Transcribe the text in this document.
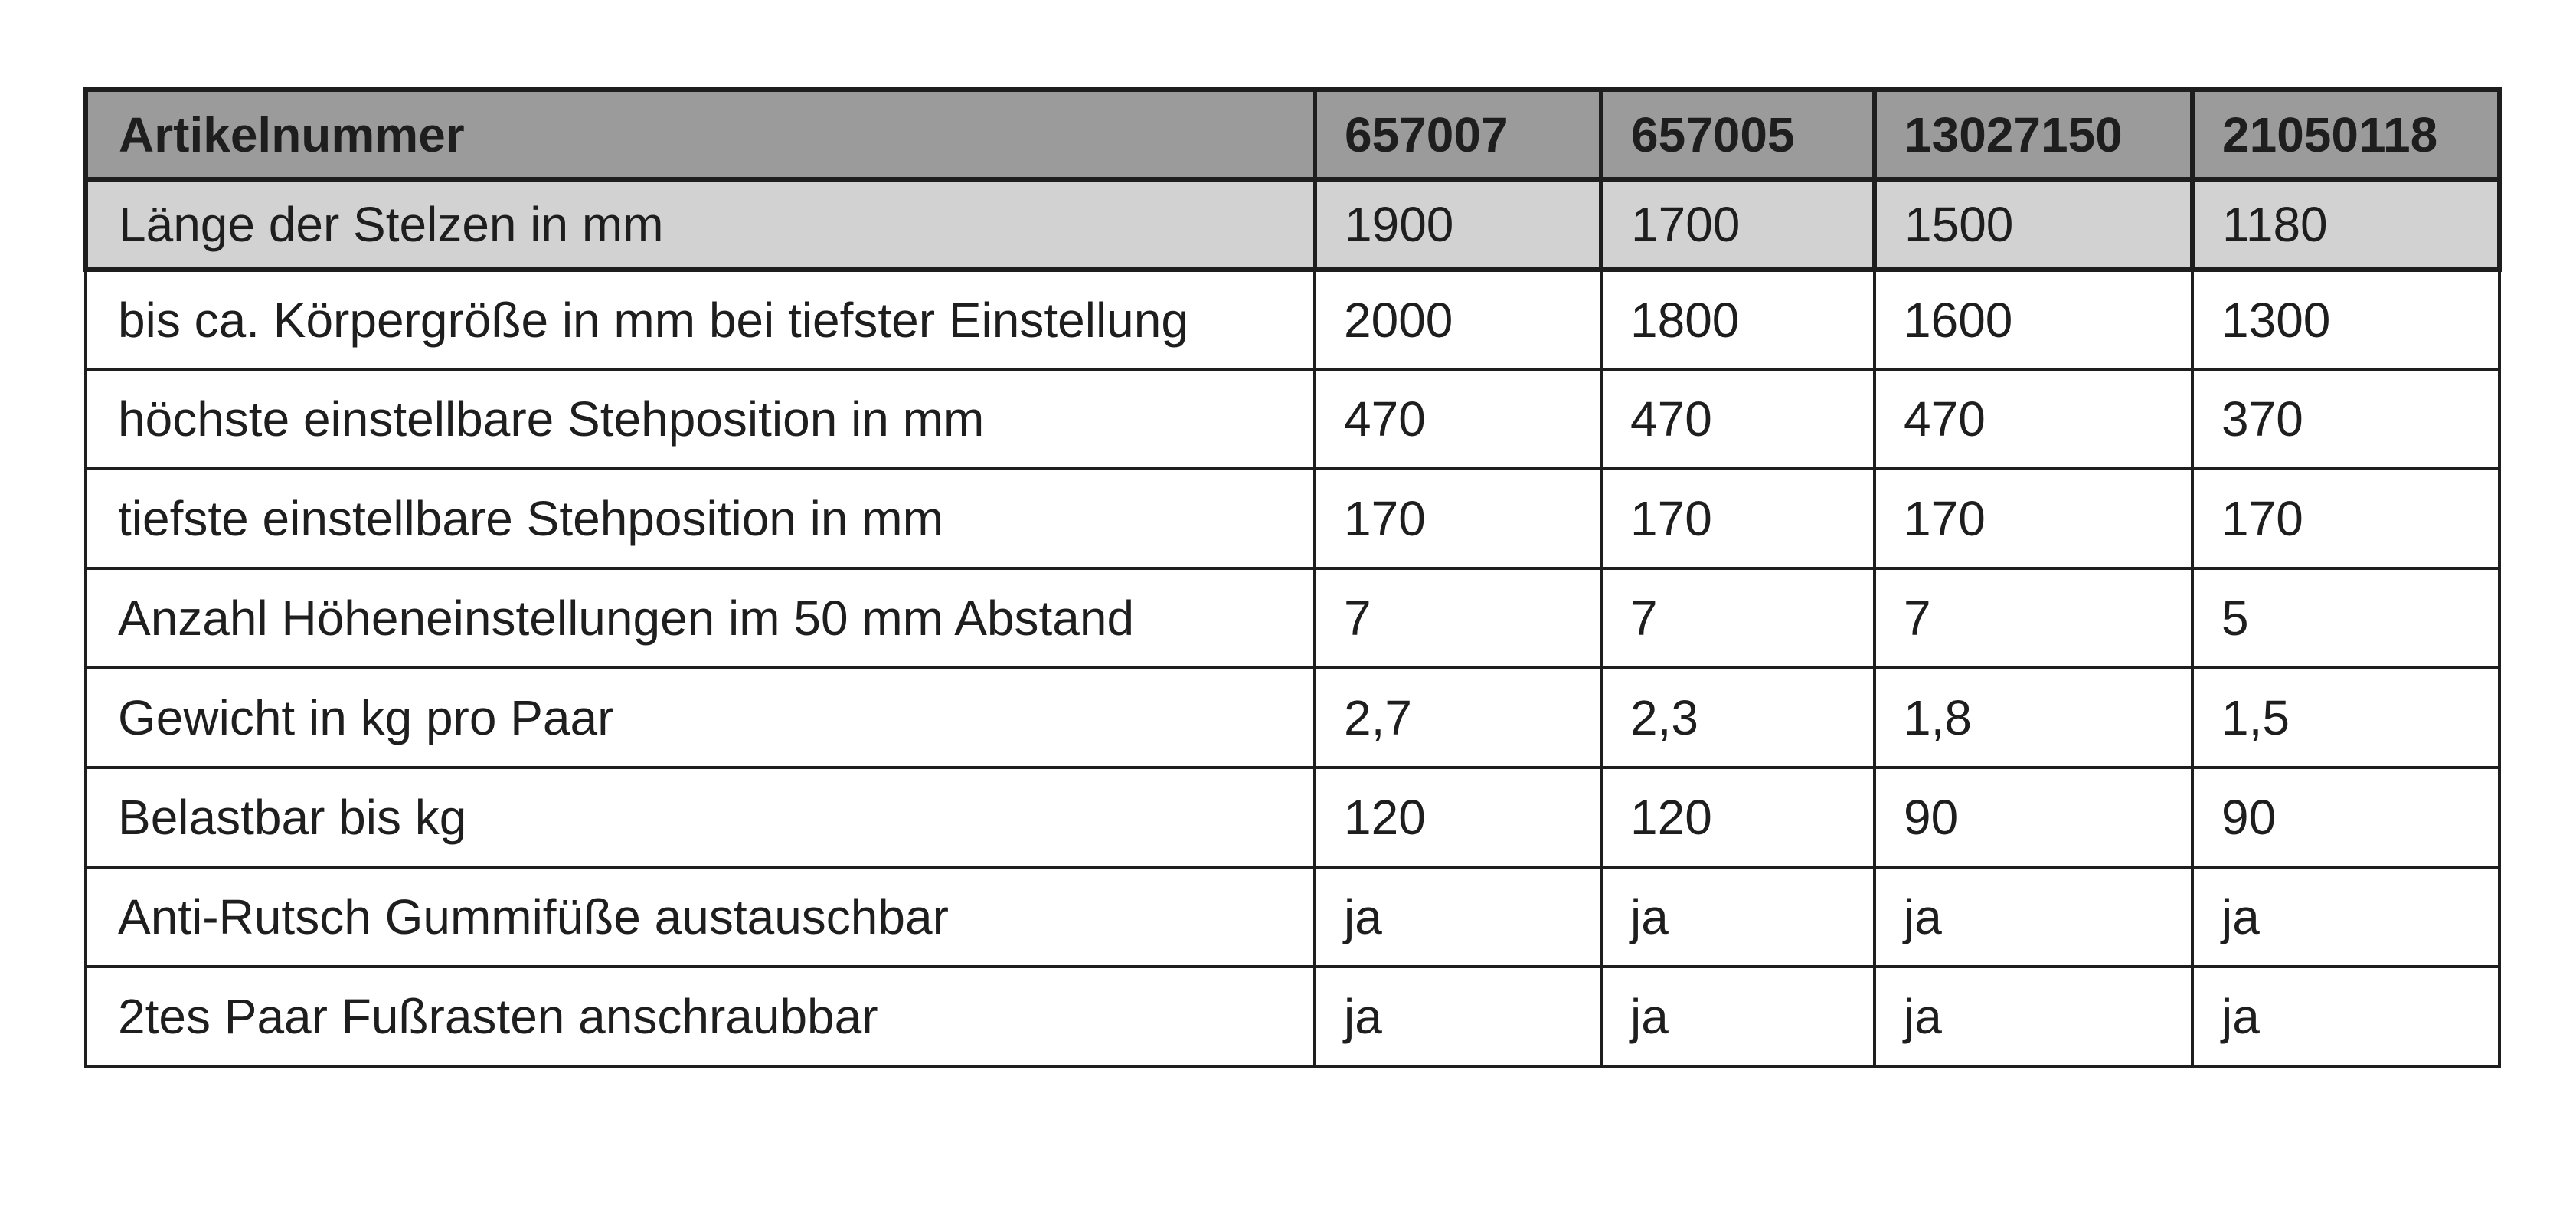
Artikelnummer	657007	657005	13027150	21050118
Länge der Stelzen in mm	1900	1700	1500	1180
bis ca. Körpergröße in mm bei tiefster Einstellung	2000	1800	1600	1300
höchste einstellbare Stehposition in mm	470	470	470	370
tiefste einstellbare Stehposition in mm	170	170	170	170
Anzahl Höheneinstellungen im 50 mm Abstand	7	7	7	5
Gewicht in kg pro Paar	2,7	2,3	1,8	1,5
Belastbar bis kg	120	120	90	90
Anti-Rutsch Gummifüße austauschbar	ja	ja	ja	ja
2tes Paar Fußrasten anschraubbar	ja	ja	ja	ja
